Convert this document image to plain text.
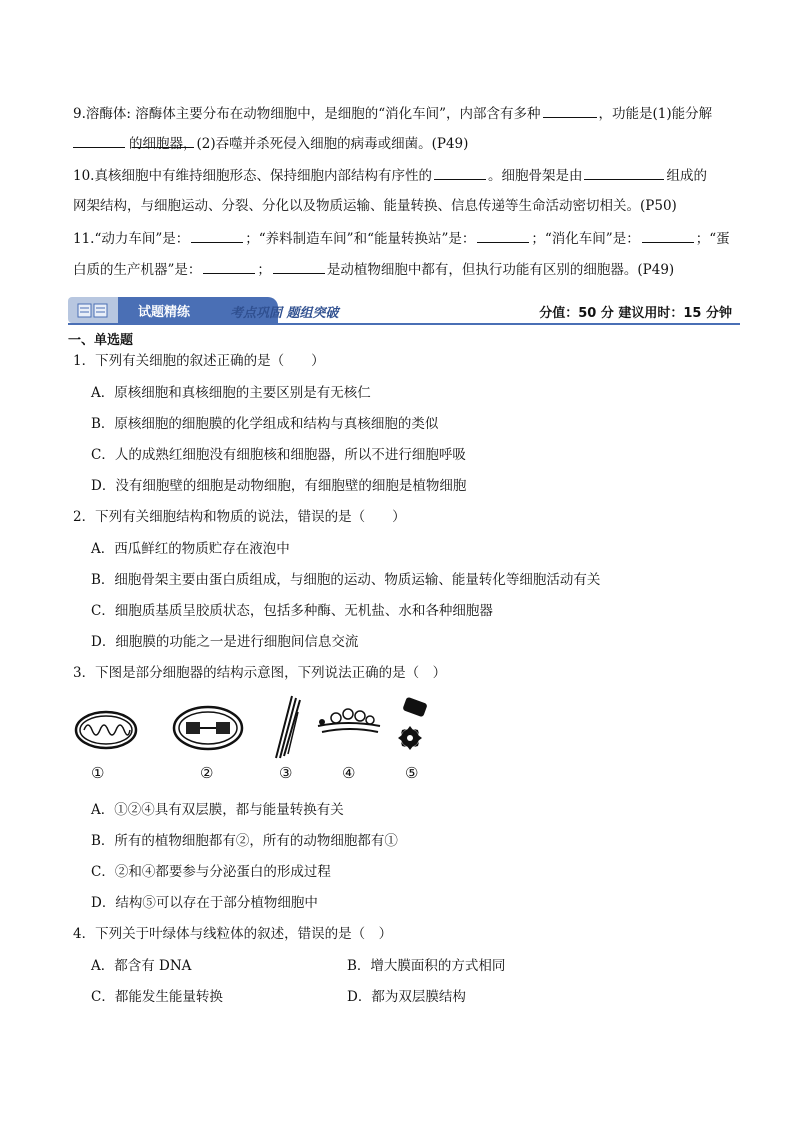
9.溶酶体: 溶酶体主要分布在动物细胞中，是细胞的“消化车间”，内部含有多种	，功能是(1)能分解
的细胞器，(2)吞噬并杀死侵入细胞的病毒或细菌。(P49)
10.真核细胞中有维持细胞形态、保持细胞内部结构有序性的	。细胞骨架是由	组成的
网架结构，与细胞运动、分裂、分化以及物质运输、能量转换、信息传递等生命活动密切相关。(P50)
11.“动力车间”是：	；“养料制造车间”和“能量转换站”是：	；“消化车间”是：	；“蛋
白质的生产机器”是：	；	是动植物细胞中都有，但执行功能有区别的细胞器。(P49)
试题精练	考点巩固 题组突破	分值：50 分 建议用时：15 分钟
一、单选题
1．下列有关细胞的叙述正确的是（　　）
A．原核细胞和真核细胞的主要区别是有无核仁
B．原核细胞的细胞膜的化学组成和结构与真核细胞的类似
C．人的成熟红细胞没有细胞核和细胞器，所以不进行细胞呼吸
D．没有细胞壁的细胞是动物细胞，有细胞壁的细胞是植物细胞
2．下列有关细胞结构和物质的说法，错误的是（　　）
A．西瓜鲜红的物质贮存在液泡中
B．细胞骨架主要由蛋白质组成，与细胞的运动、物质运输、能量转化等细胞活动有关
C．细胞质基质呈胶质状态，包括多种酶、无机盐、水和各种细胞器
D．细胞膜的功能之一是进行细胞间信息交流
3．下图是部分细胞器的结构示意图，下列说法正确的是（　）
①	②	③	④	⑤
A．①②④具有双层膜，都与能量转换有关
B．所有的植物细胞都有②，所有的动物细胞都有①
C．②和④都要参与分泌蛋白的形成过程
D．结构⑤可以存在于部分植物细胞中
4．下列关于叶绿体与线粒体的叙述，错误的是（　）
A．都含有 DNA	B．增大膜面积的方式相同
C．都能发生能量转换	D．都为双层膜结构
